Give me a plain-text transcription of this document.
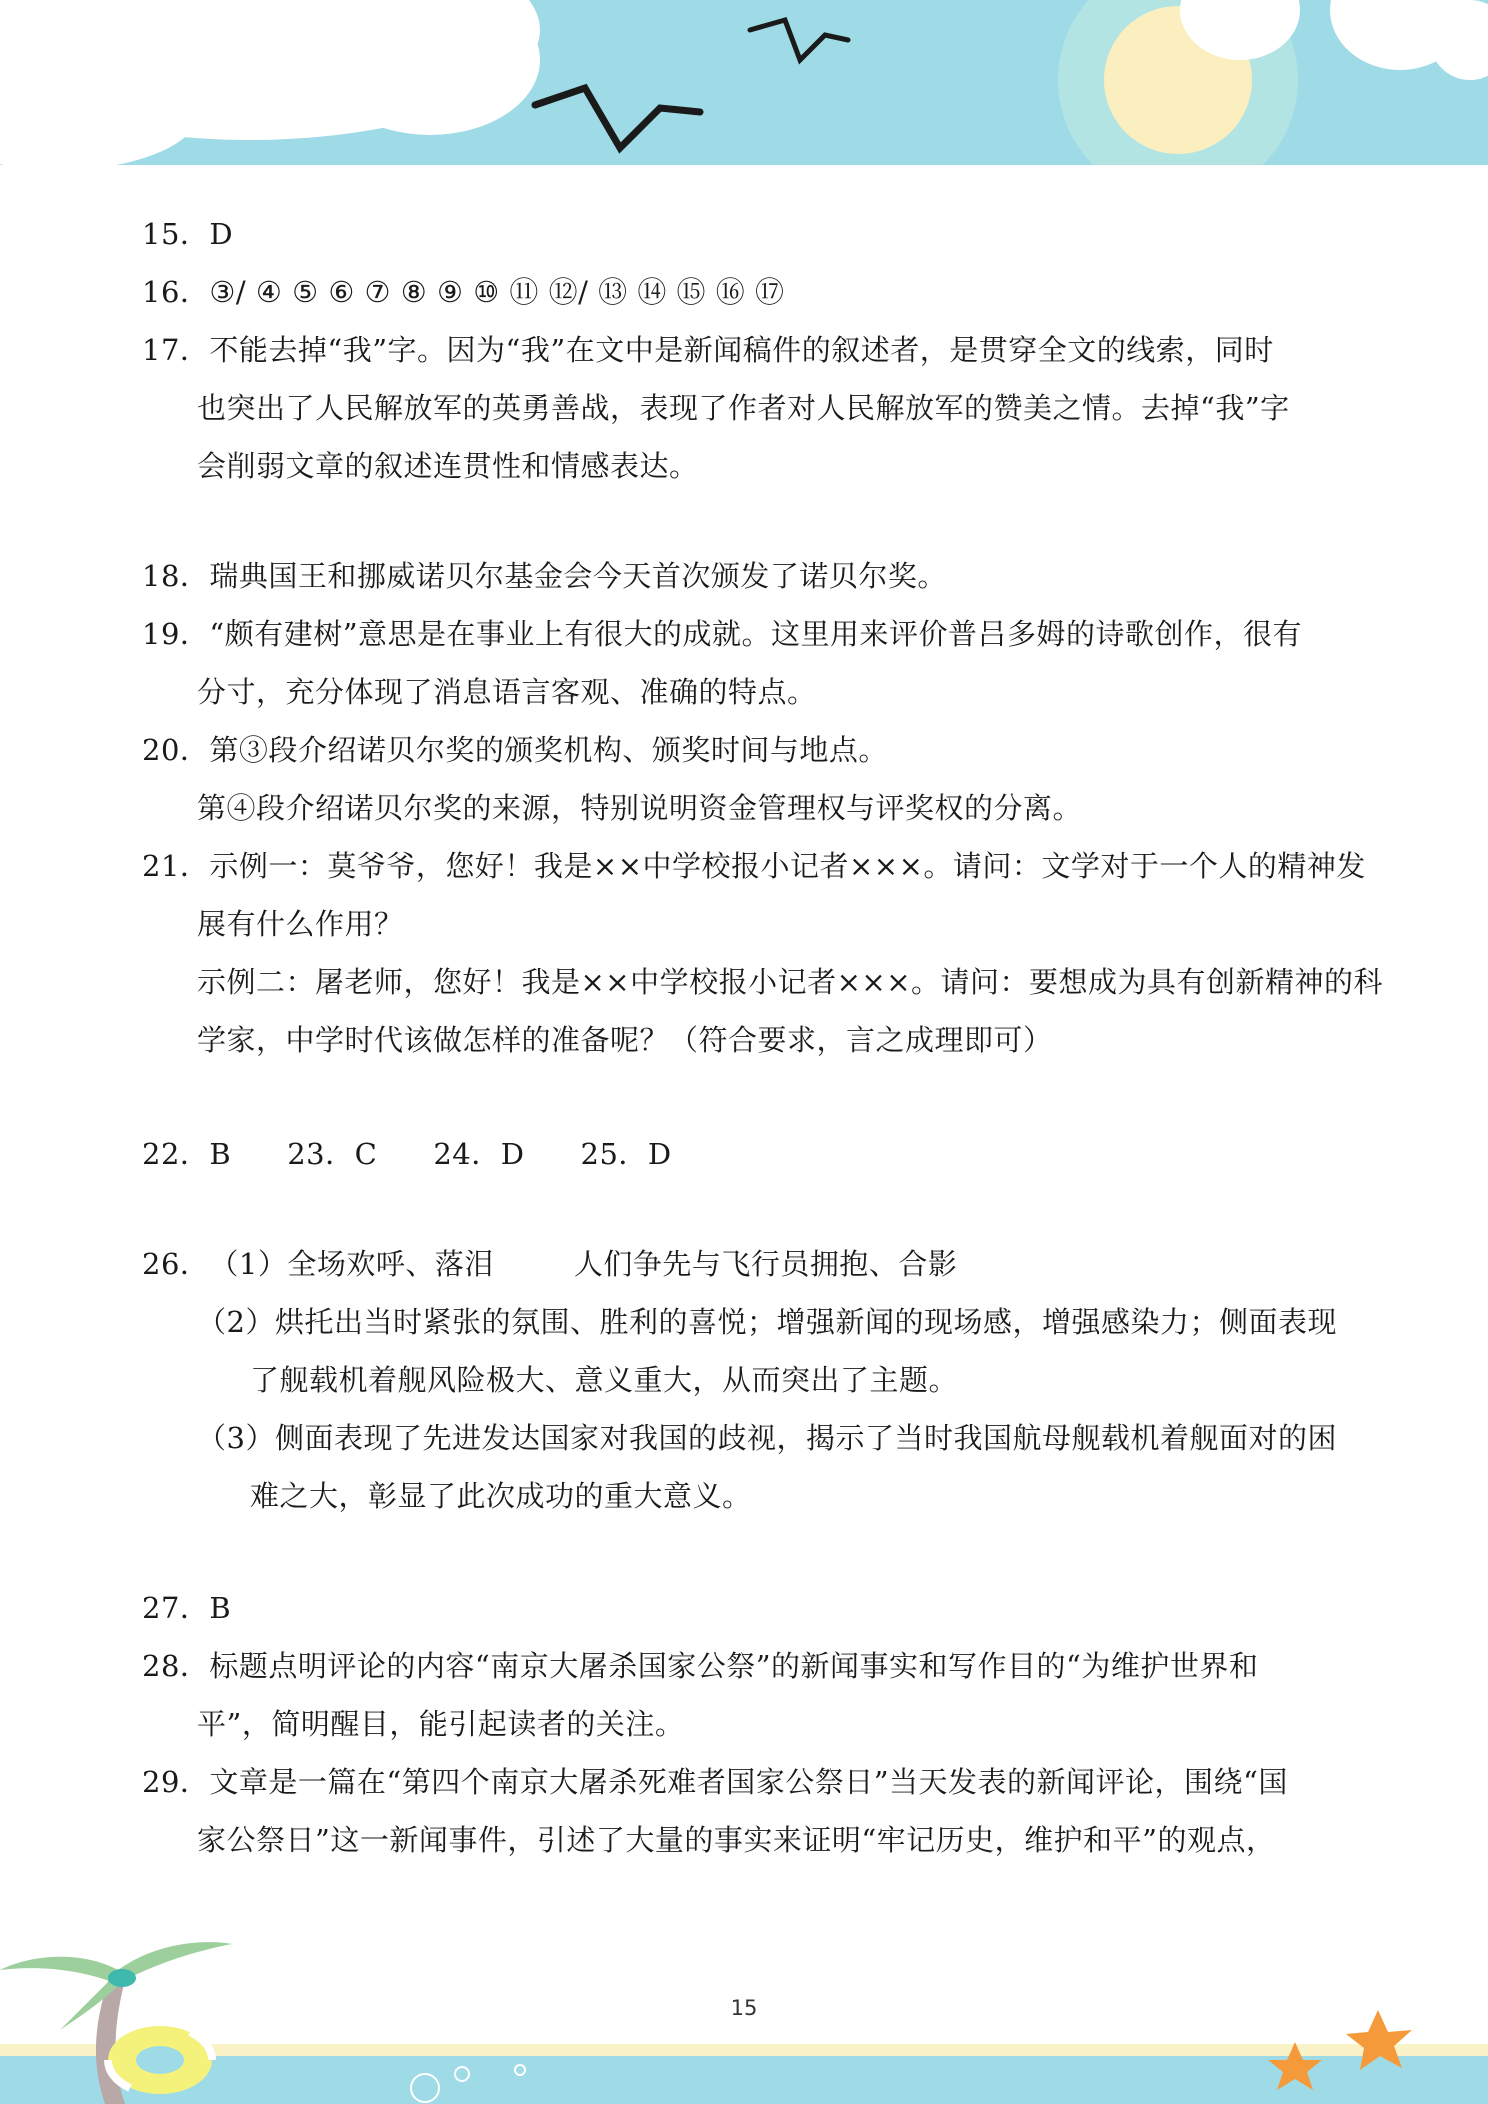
15．D
16．③/ ④ ⑤ ⑥ ⑦ ⑧ ⑨ ⑩ ⑪ ⑫/ ⑬ ⑭ ⑮ ⑯ ⑰
17．不能去掉“我”字。因为“我”在文中是新闻稿件的叙述者，是贯穿全文的线索，同时
也突出了人民解放军的英勇善战，表现了作者对人民解放军的赞美之情。去掉“我”字
会削弱文章的叙述连贯性和情感表达。
18．瑞典国王和挪威诺贝尔基金会今天首次颁发了诺贝尔奖。
19．“颇有建树”意思是在事业上有很大的成就。这里用来评价普吕多姆的诗歌创作，很有
分寸，充分体现了消息语言客观、准确的特点。
20．第③段介绍诺贝尔奖的颁奖机构、颁奖时间与地点。
第④段介绍诺贝尔奖的来源，特别说明资金管理权与评奖权的分离。
21．示例一：莫爷爷，您好！我是××中学校报小记者×××。请问：文学对于一个人的精神发
展有什么作用？
示例二：屠老师，您好！我是××中学校报小记者×××。请问：要想成为具有创新精神的科
学家，中学时代该做怎样的准备呢？（符合要求，言之成理即可）
22．B 23．C 24．D 25．D
26．（1）全场欢呼、落泪	人们争先与飞行员拥抱、合影
（2）烘托出当时紧张的氛围、胜利的喜悦；增强新闻的现场感，增强感染力；侧面表现
了舰载机着舰风险极大、意义重大，从而突出了主题。
（3）侧面表现了先进发达国家对我国的歧视，揭示了当时我国航母舰载机着舰面对的困
难之大，彰显了此次成功的重大意义。
27．B
28．标题点明评论的内容“南京大屠杀国家公祭”的新闻事实和写作目的“为维护世界和
平”，简明醒目，能引起读者的关注。
29．文章是一篇在“第四个南京大屠杀死难者国家公祭日”当天发表的新闻评论，围绕“国
家公祭日”这一新闻事件，引述了大量的事实来证明“牢记历史，维护和平”的观点，
15
